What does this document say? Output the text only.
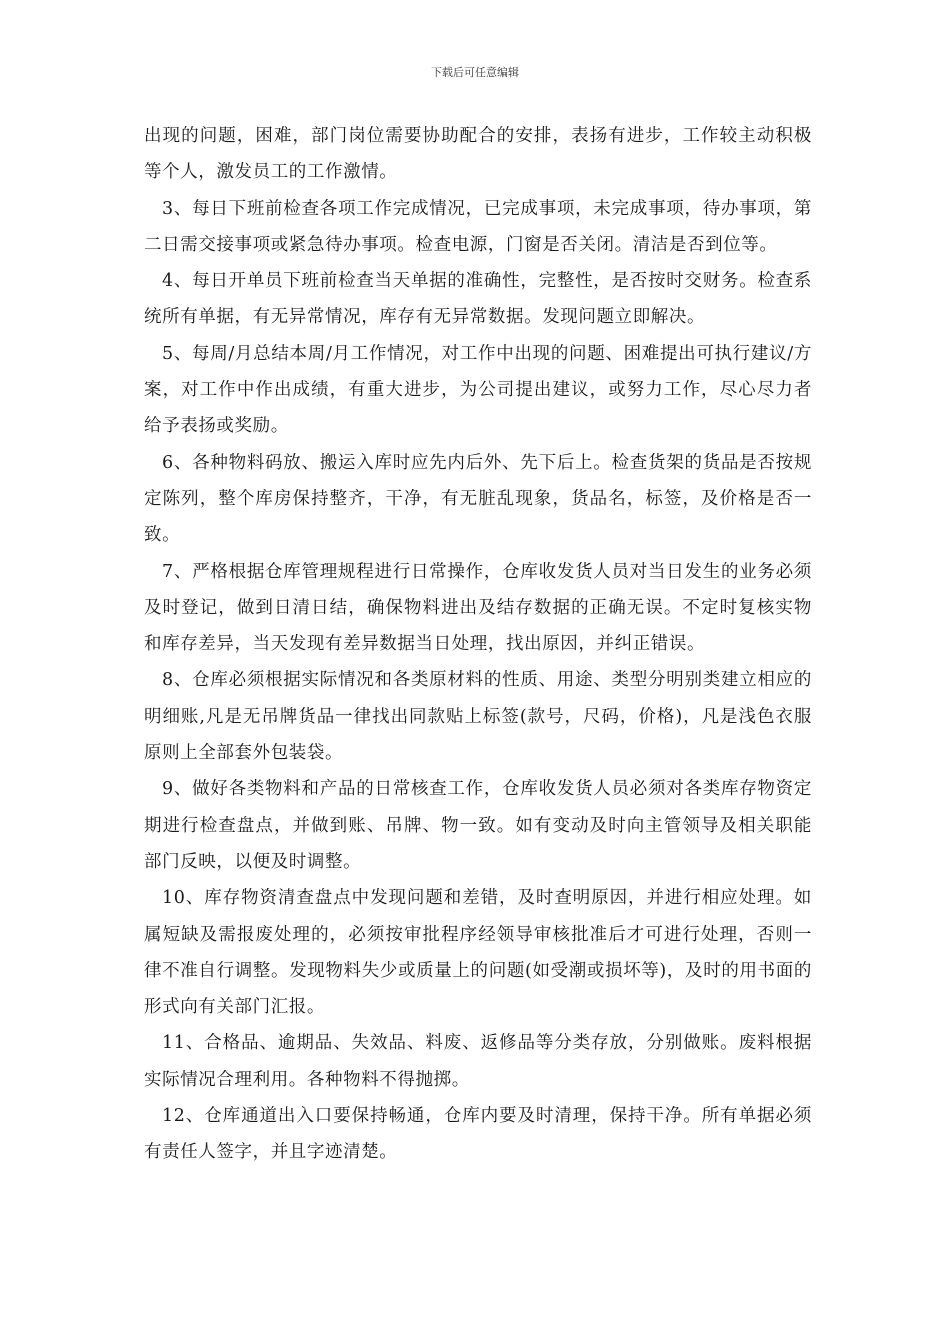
下载后可任意编辑

出现的问题，困难，部门岗位需要协助配合的安排，表扬有进步，工作较主动积极等个人，激发员工的工作激情。

3、每日下班前检查各项工作完成情况，已完成事项，未完成事项，待办事项，第二日需交接事项或紧急待办事项。检查电源，门窗是否关闭。清洁是否到位等。

4、每日开单员下班前检查当天单据的准确性，完整性，是否按时交财务。检查系统所有单据，有无异常情况，库存有无异常数据。发现问题立即解决。

5、每周/月总结本周/月工作情况，对工作中出现的问题、困难提出可执行建议/方案，对工作中作出成绩，有重大进步，为公司提出建议，或努力工作，尽心尽力者给予表扬或奖励。

6、各种物料码放、搬运入库时应先内后外、先下后上。检查货架的货品是否按规定陈列，整个库房保持整齐，干净，有无脏乱现象，货品名，标签，及价格是否一致。

7、严格根据仓库管理规程进行日常操作，仓库收发货人员对当日发生的业务必须及时登记，做到日清日结，确保物料进出及结存数据的正确无误。不定时复核实物和库存差异，当天发现有差异数据当日处理，找出原因，并纠正错误。

8、仓库必须根据实际情况和各类原材料的性质、用途、类型分明别类建立相应的明细账,凡是无吊牌货品一律找出同款贴上标签(款号，尺码，价格)，凡是浅色衣服原则上全部套外包装袋。

9、做好各类物料和产品的日常核查工作，仓库收发货人员必须对各类库存物资定期进行检查盘点，并做到账、吊牌、物一致。如有变动及时向主管领导及相关职能部门反映，以便及时调整。

10、库存物资清查盘点中发现问题和差错，及时查明原因，并进行相应处理。如属短缺及需报废处理的，必须按审批程序经领导审核批准后才可进行处理，否则一律不准自行调整。发现物料失少或质量上的问题(如受潮或损坏等)，及时的用书面的形式向有关部门汇报。

11、合格品、逾期品、失效品、料废、返修品等分类存放，分别做账。废料根据实际情况合理利用。各种物料不得抛掷。

12、仓库通道出入口要保持畅通，仓库内要及时清理，保持干净。所有单据必须有责任人签字，并且字迹清楚。
